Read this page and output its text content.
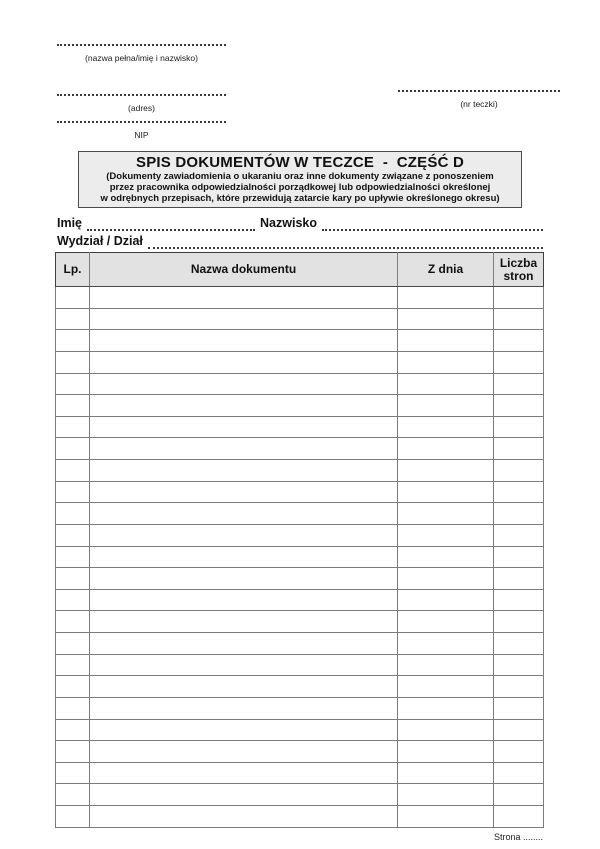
(nazwa pełna/imię i nazwisko)
(adres)
NIP
(nr teczki)
SPIS DOKUMENTÓW W TECZCE  -  CZĘŚĆ D
(Dokumenty zawiadomienia o ukaraniu oraz inne dokumenty związane z ponoszeniem
przez pracownika odpowiedzialności porządkowej lub odpowiedzialności określonej
w odrębnych przepisach, które przewidują zatarcie kary po upływie określonego okresu)
Imię	Nazwisko
Wydział / Dział
Lp.	Nazwa dokumentu	Z dnia	Liczba stron

Strona ........
